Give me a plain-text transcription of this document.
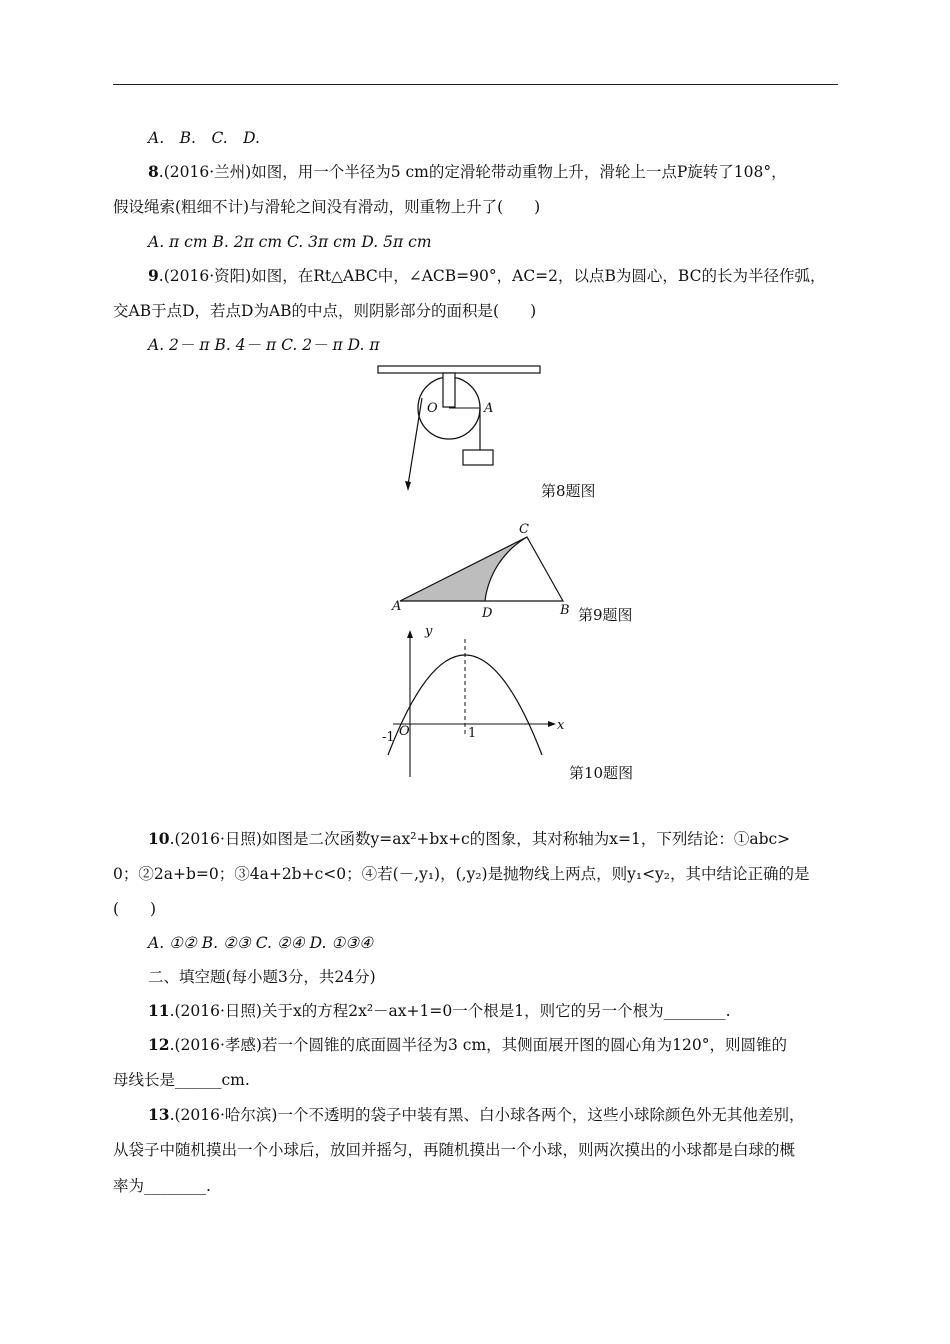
A.　B.　C.　D.
8.(2016·兰州)如图，用一个半径为5 cm的定滑轮带动重物上升，滑轮上一点P旋转了108°，
假设绳索(粗细不计)与滑轮之间没有滑动，则重物上升了(　　)
A. π cm B. 2π cm C. 3π cm D. 5π cm
9.(2016·资阳)如图，在Rt△ABC中，∠ACB=90°，AC=2，以点B为圆心，BC的长为半径作弧，
交AB于点D，若点D为AB的中点，则阴影部分的面积是(　　)
A. 2－ π B. 4－ π C. 2－ π D. π
O	A
第8题图
A	B
C
D	第9题图
y
x
O
-1	1
第10题图
10.(2016·日照)如图是二次函数y=ax²+bx+c的图象，其对称轴为x=1，下列结论：①abc>
0；②2a+b=0；③4a+2b+c<0；④若(－,y₁)，(,y₂)是抛物线上两点，则y₁<y₂，其中结论正确的是
(　　)
A. ①② B. ②③ C. ②④ D. ①③④
二、填空题(每小题3分，共24分)
11.(2016·日照)关于x的方程2x²－ax+1=0一个根是1，则它的另一个根为________.
12.(2016·孝感)若一个圆锥的底面圆半径为3 cm，其侧面展开图的圆心角为120°，则圆锥的
母线长是______cm.
13.(2016·哈尔滨)一个不透明的袋子中装有黑、白小球各两个，这些小球除颜色外无其他差别，
从袋子中随机摸出一个小球后，放回并摇匀，再随机摸出一个小球，则两次摸出的小球都是白球的概
率为________.
